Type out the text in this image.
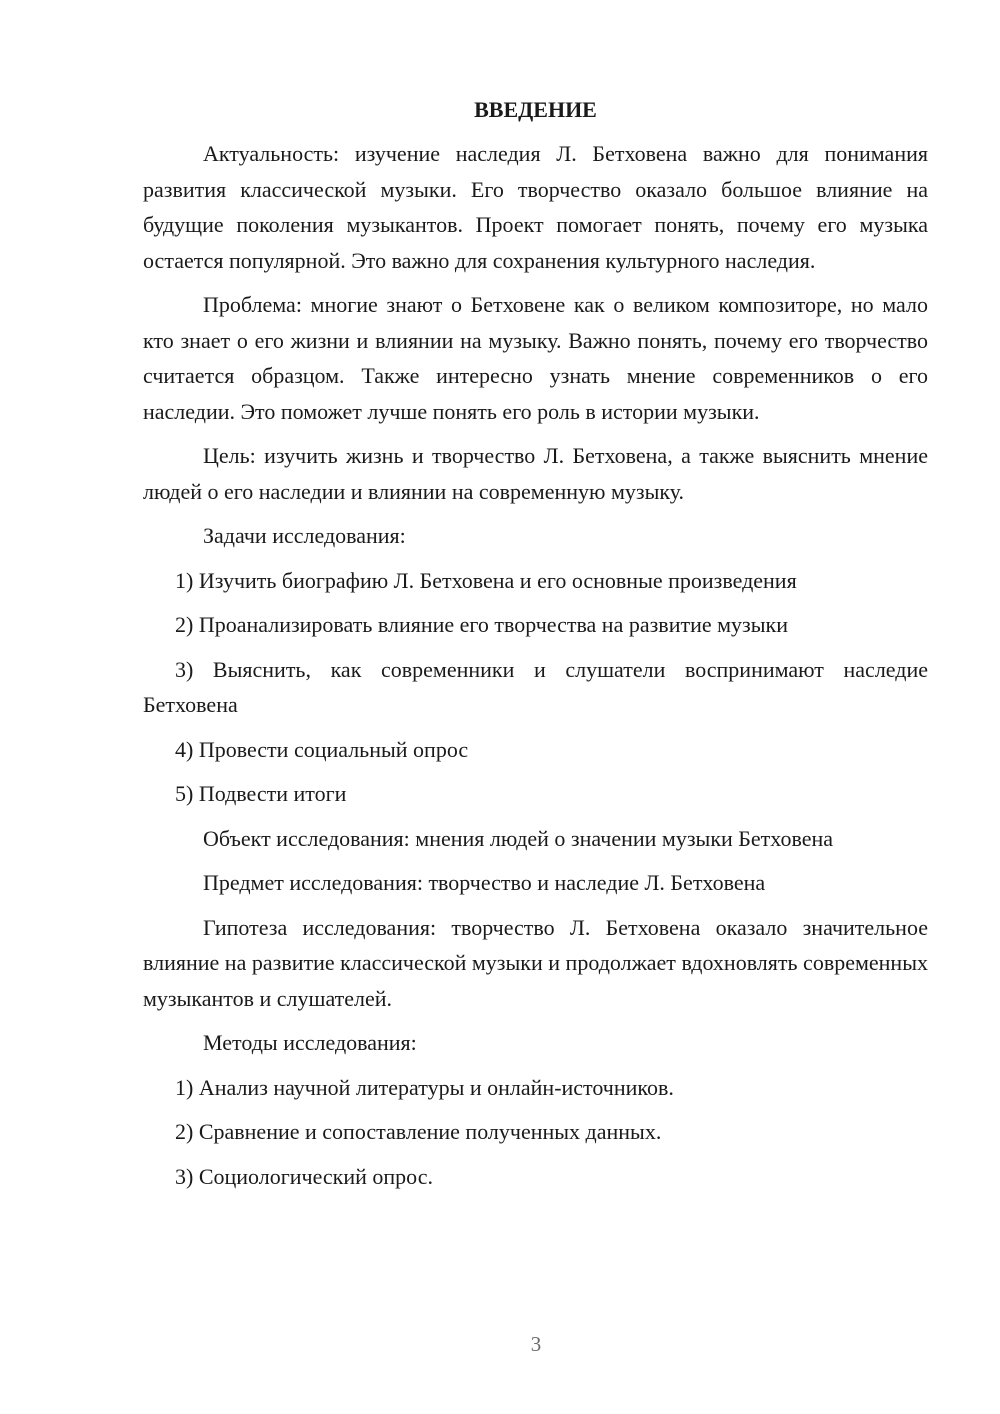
ВВЕДЕНИЕ

Актуальность: изучение наследия Л. Бетховена важно для понимания развития классической музыки. Его творчество оказало большое влияние на будущие поколения музыкантов. Проект помогает понять, почему его музыка остается популярной. Это важно для сохранения культурного наследия.

Проблема: многие знают о Бетховене как о великом композиторе, но мало кто знает о его жизни и влиянии на музыку. Важно понять, почему его творчество считается образцом. Также интересно узнать мнение современников о его наследии. Это поможет лучше понять его роль в истории музыки.

Цель: изучить жизнь и творчество Л. Бетховена, а также выяснить мнение людей о его наследии и влиянии на современную музыку.

Задачи исследования:
1) Изучить биографию Л. Бетховена и его основные произведения
2) Проанализировать влияние его творчества на развитие музыки

3) Выяснить, как современники и слушатели воспринимают наследие Бетховена

4) Провести социальный опрос
5) Подвести итоги
Объект исследования: мнения людей о значении музыки Бетховена
Предмет исследования: творчество и наследие Л. Бетховена

Гипотеза исследования: творчество Л. Бетховена оказало значительное влияние на развитие классической музыки и продолжает вдохновлять современных музыкантов и слушателей.

Методы исследования:
1) Анализ научной литературы и онлайн-источников.
2) Сравнение и сопоставление полученных данных.
3) Социологический опрос.
3
